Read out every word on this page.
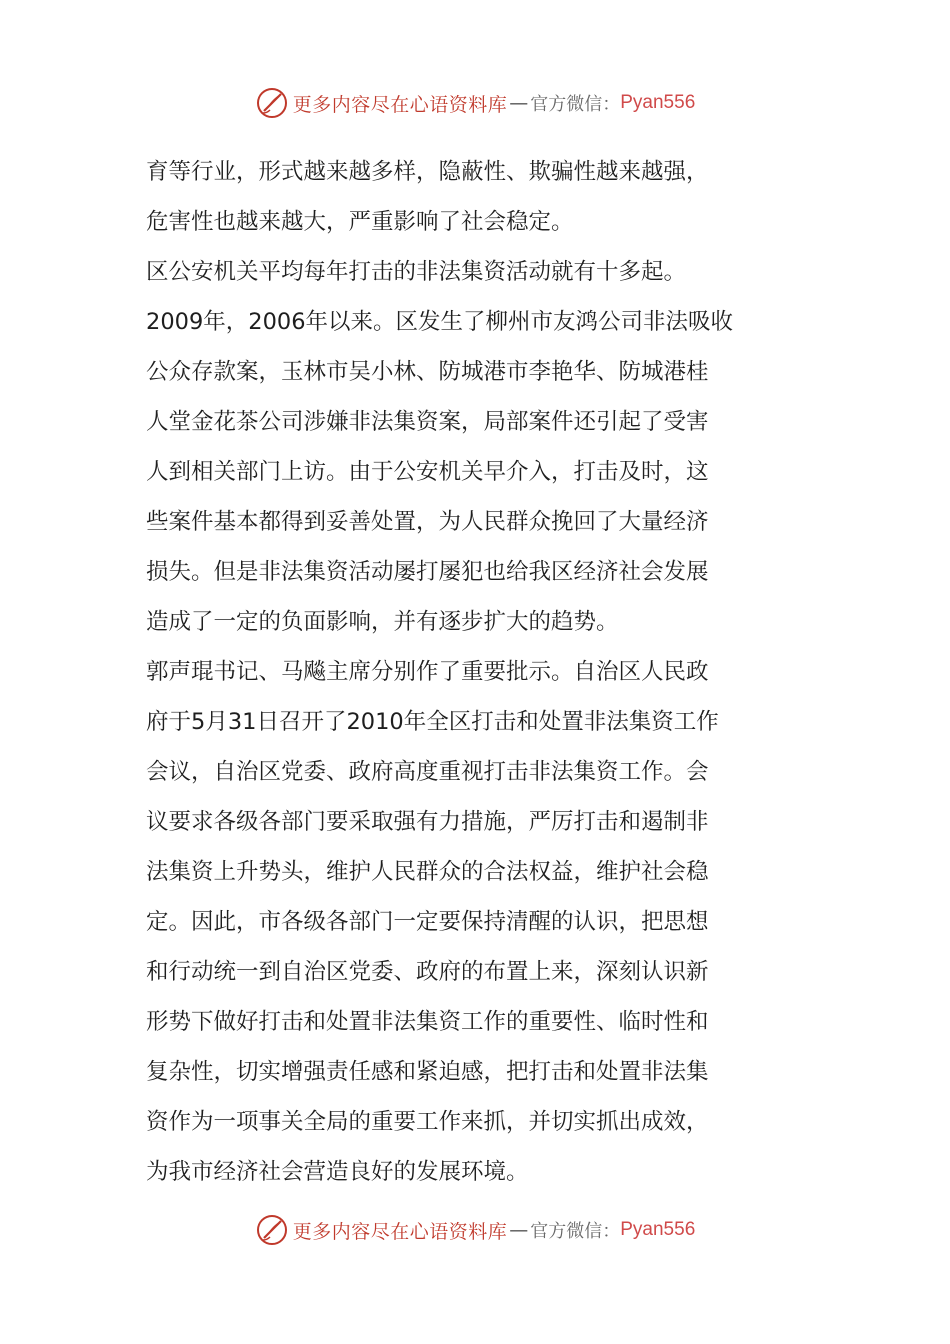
更多内容尽在心语资料库 — 官方微信： Pyan556
育等行业，形式越来越多样，隐蔽性、欺骗性越来越强，
危害性也越来越大，严重影响了社会稳定。
区公安机关平均每年打击的非法集资活动就有十多起。
2009年，2006年以来。区发生了柳州市友鸿公司非法吸收
公众存款案，玉林市吴小林、防城港市李艳华、防城港桂
人堂金花茶公司涉嫌非法集资案，局部案件还引起了受害
人到相关部门上访。由于公安机关早介入，打击及时，这
些案件基本都得到妥善处置，为人民群众挽回了大量经济
损失。但是非法集资活动屡打屡犯也给我区经济社会发展
造成了一定的负面影响，并有逐步扩大的趋势。
郭声琨书记、马飚主席分别作了重要批示。自治区人民政
府于5月31日召开了2010年全区打击和处置非法集资工作
会议，自治区党委、政府高度重视打击非法集资工作。会
议要求各级各部门要采取强有力措施，严厉打击和遏制非
法集资上升势头，维护人民群众的合法权益，维护社会稳
定。因此，市各级各部门一定要保持清醒的认识，把思想
和行动统一到自治区党委、政府的布置上来，深刻认识新
形势下做好打击和处置非法集资工作的重要性、临时性和
复杂性，切实增强责任感和紧迫感，把打击和处置非法集
资作为一项事关全局的重要工作来抓，并切实抓出成效，
为我市经济社会营造良好的发展环境。
更多内容尽在心语资料库 — 官方微信： Pyan556
